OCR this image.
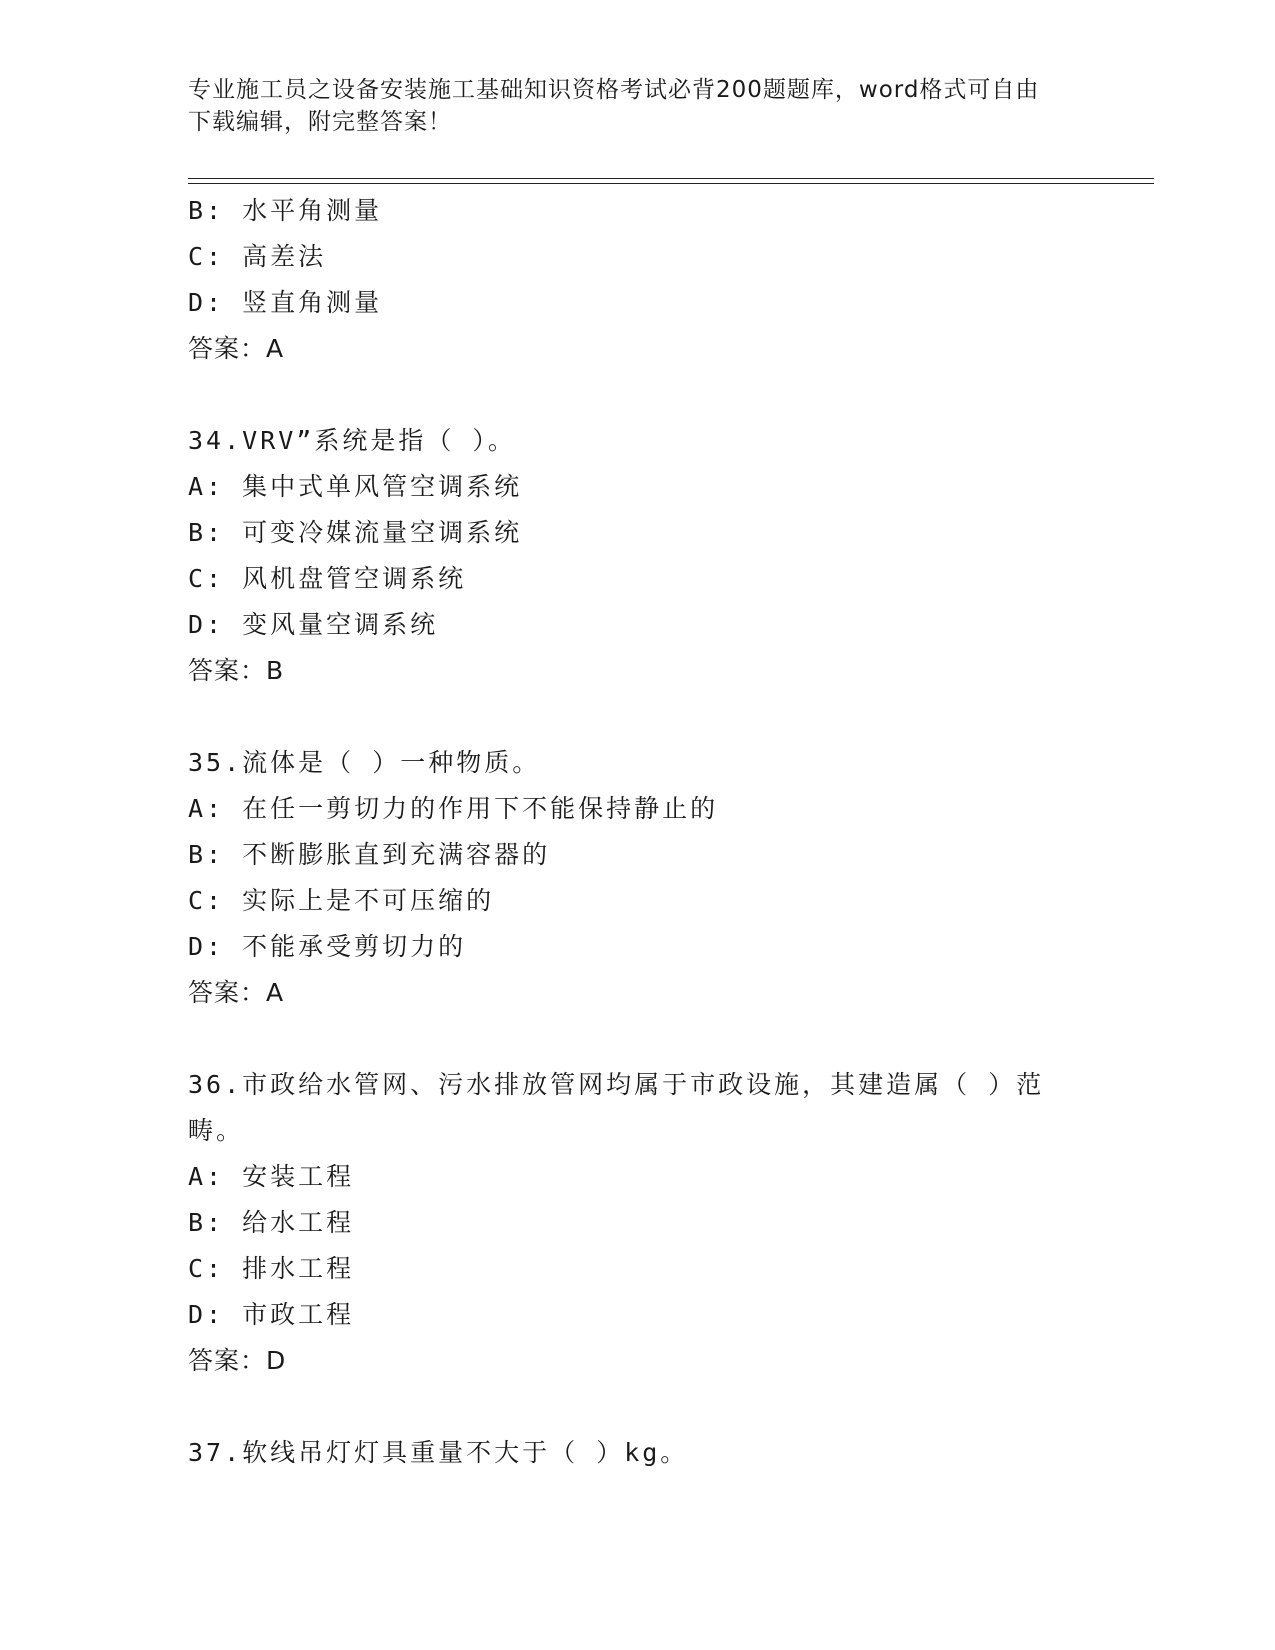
专业施工员之设备安装施工基础知识资格考试必背200题题库，word格式可自由
下载编辑，附完整答案！
B: 水平角测量
C: 高差法
D: 竖直角测量
答案：A
34.VRV”系统是指（ ）。
A: 集中式单风管空调系统
B: 可变冷媒流量空调系统
C: 风机盘管空调系统
D: 变风量空调系统
答案：B
35.流体是（ ）一种物质。
A: 在任一剪切力的作用下不能保持静止的
B: 不断膨胀直到充满容器的
C: 实际上是不可压缩的
D: 不能承受剪切力的
答案：A
36.市政给水管网、污水排放管网均属于市政设施，其建造属（ ）范畴。
A: 安装工程
B: 给水工程
C: 排水工程
D: 市政工程
答案：D
37.软线吊灯灯具重量不大于（ ）kg。
